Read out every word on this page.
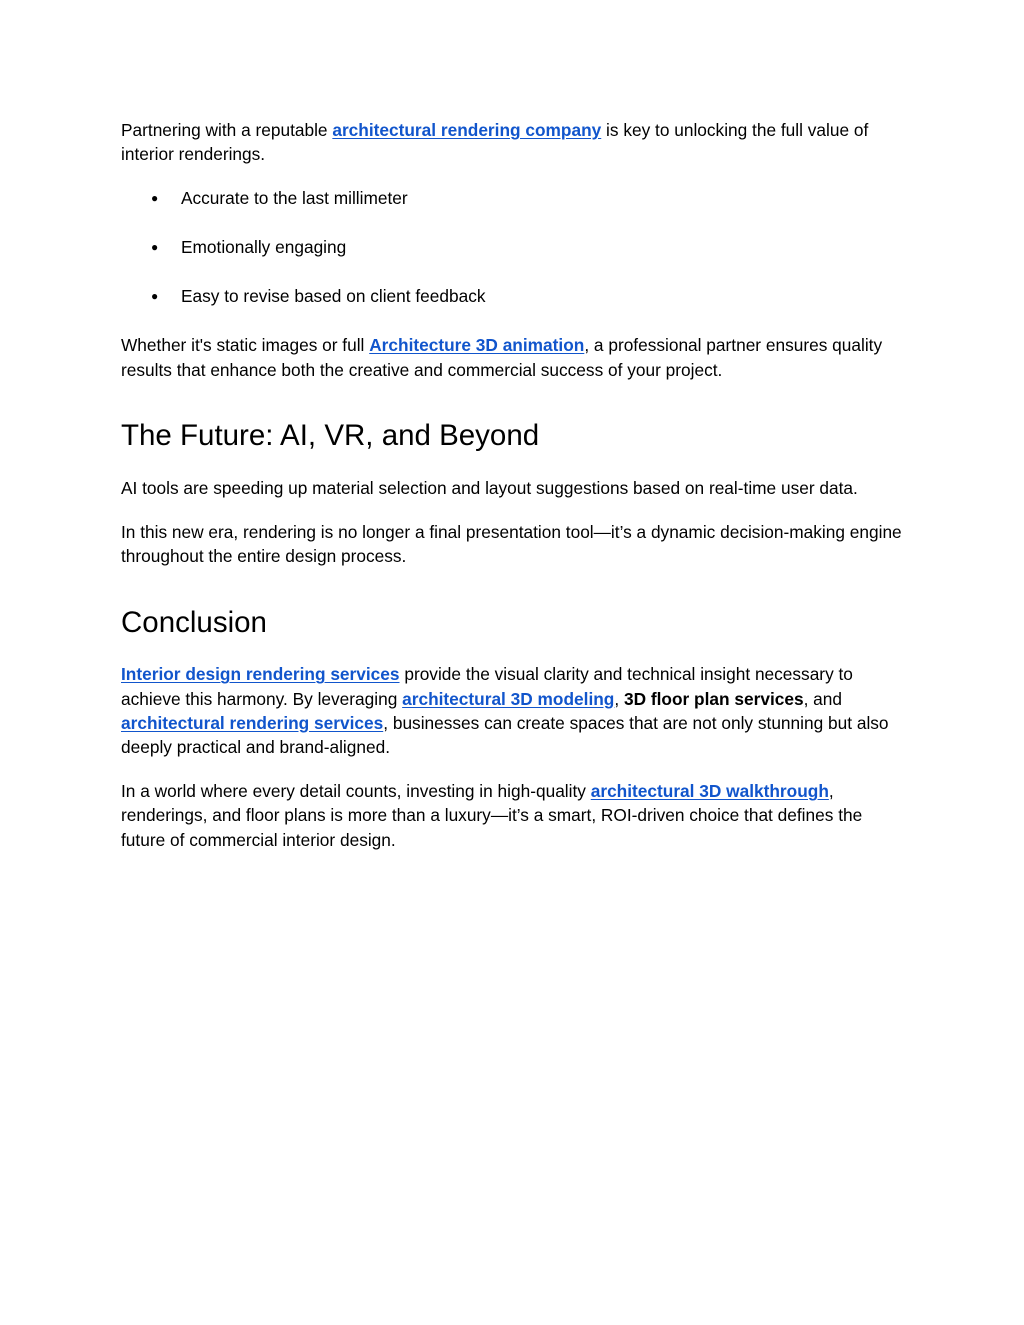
Partnering with a reputable architectural rendering company is key to unlocking the full value of interior renderings.

● Accurate to the last millimeter
● Emotionally engaging
● Easy to revise based on client feedback

Whether it's static images or full Architecture 3D animation, a professional partner ensures quality results that enhance both the creative and commercial success of your project.

The Future: AI, VR, and Beyond

AI tools are speeding up material selection and layout suggestions based on real-time user data.

In this new era, rendering is no longer a final presentation tool—it’s a dynamic decision-making engine throughout the entire design process.

Conclusion

Interior design rendering services provide the visual clarity and technical insight necessary to achieve this harmony. By leveraging architectural 3D modeling, 3D floor plan services, and architectural rendering services, businesses can create spaces that are not only stunning but also deeply practical and brand-aligned.

In a world where every detail counts, investing in high-quality architectural 3D walkthrough, renderings, and floor plans is more than a luxury—it’s a smart, ROI-driven choice that defines the future of commercial interior design.
